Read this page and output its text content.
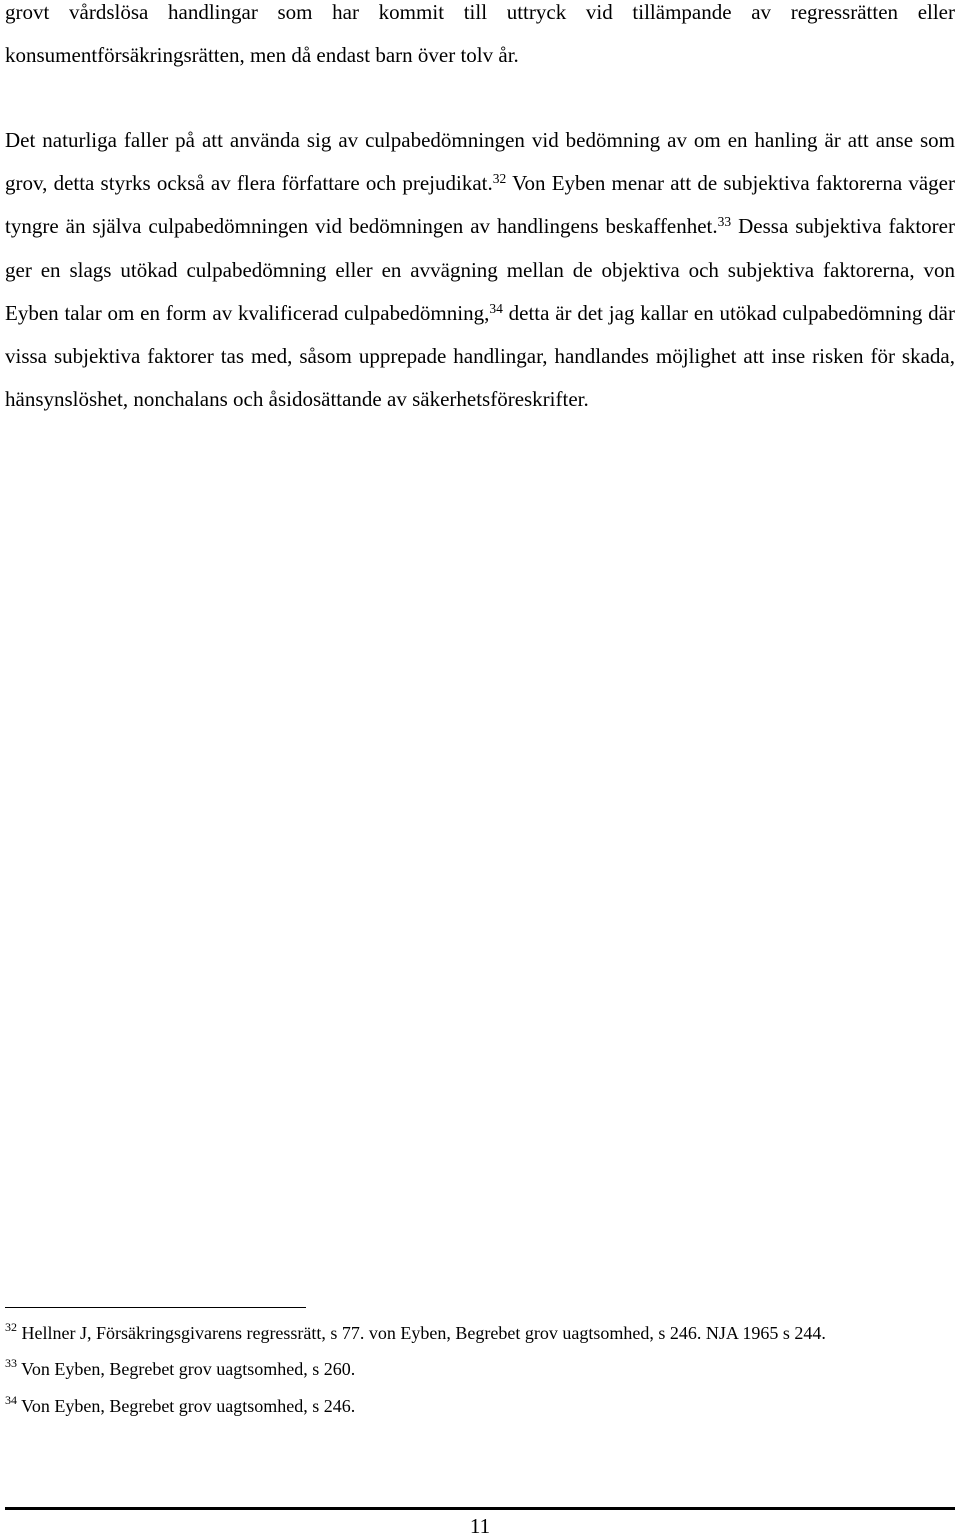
grovt vårdslösa handlingar som har kommit till uttryck vid tillämpande av regressrätten eller
konsumentförsäkringsrätten, men då endast barn över tolv år.

Det naturliga faller på att använda sig av culpabedömningen vid bedömning av om en hanling är att anse som grov, detta styrks också av flera författare och prejudikat.$^{32}$ Von Eyben menar att de subjektiva faktorerna väger tyngre än själva culpabedömningen vid bedömningen av handlingens beskaffenhet.$^{33}$ Dessa subjektiva faktorer ger en slags utökad culpabedömning eller en avvägning mellan de objektiva och subjektiva faktorerna, von Eyben talar om en form av kvalificerad culpabedömning,$^{34}$ detta är det jag kallar en utökad culpabedömning där vissa subjektiva faktorer tas med, såsom upprepade handlingar, handlandes möjlighet att inse risken för skada, hänsynslöshet, nonchalans och åsidosättande av säkerhetsföreskrifter.

$^{32}$ Hellner J, Försäkringsgivarens regressrätt, s 77. von Eyben, Begrebet grov uagtsomhed, s 246. NJA 1965 s 244.
$^{33}$ Von Eyben, Begrebet grov uagtsomhed, s 260.
$^{34}$ Von Eyben, Begrebet grov uagtsomhed, s 246.
11
